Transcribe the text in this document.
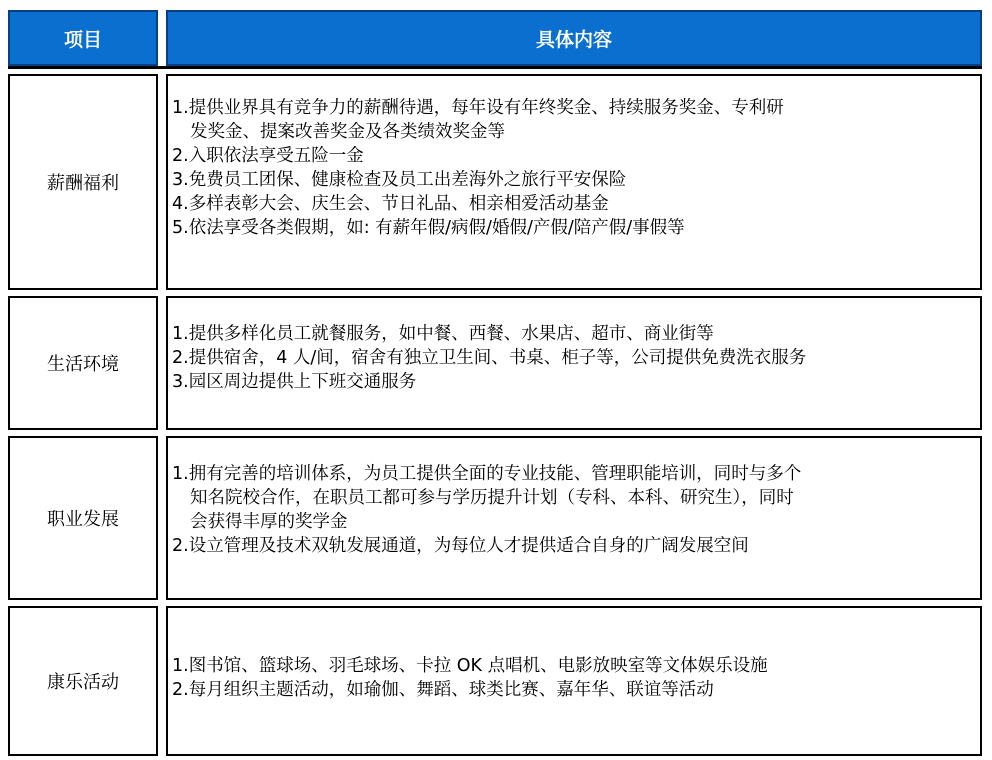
项目	具体内容
薪酬福利
1.提供业界具有竞争力的薪酬待遇，每年设有年终奖金、持续服务奖金、专利研
发奖金、提案改善奖金及各类绩效奖金等
2.入职依法享受五险一金
3.免费员工团保、健康检查及员工出差海外之旅行平安保险
4.多样表彰大会、庆生会、节日礼品、相亲相爱活动基金
5.依法享受各类假期，如: 有薪年假/病假/婚假/产假/陪产假/事假等
生活环境
1.提供多样化员工就餐服务，如中餐、西餐、水果店、超市、商业街等
2.提供宿舍，4 人/间，宿舍有独立卫生间、书桌、柜子等，公司提供免费洗衣服务
3.园区周边提供上下班交通服务
职业发展
1.拥有完善的培训体系，为员工提供全面的专业技能、管理职能培训，同时与多个
知名院校合作，在职员工都可参与学历提升计划（专科、本科、研究生），同时
会获得丰厚的奖学金
2.设立管理及技术双轨发展通道，为每位人才提供适合自身的广阔发展空间
康乐活动
1.图书馆、篮球场、羽毛球场、卡拉 OK 点唱机、电影放映室等文体娱乐设施
2.每月组织主题活动，如瑜伽、舞蹈、球类比赛、嘉年华、联谊等活动
